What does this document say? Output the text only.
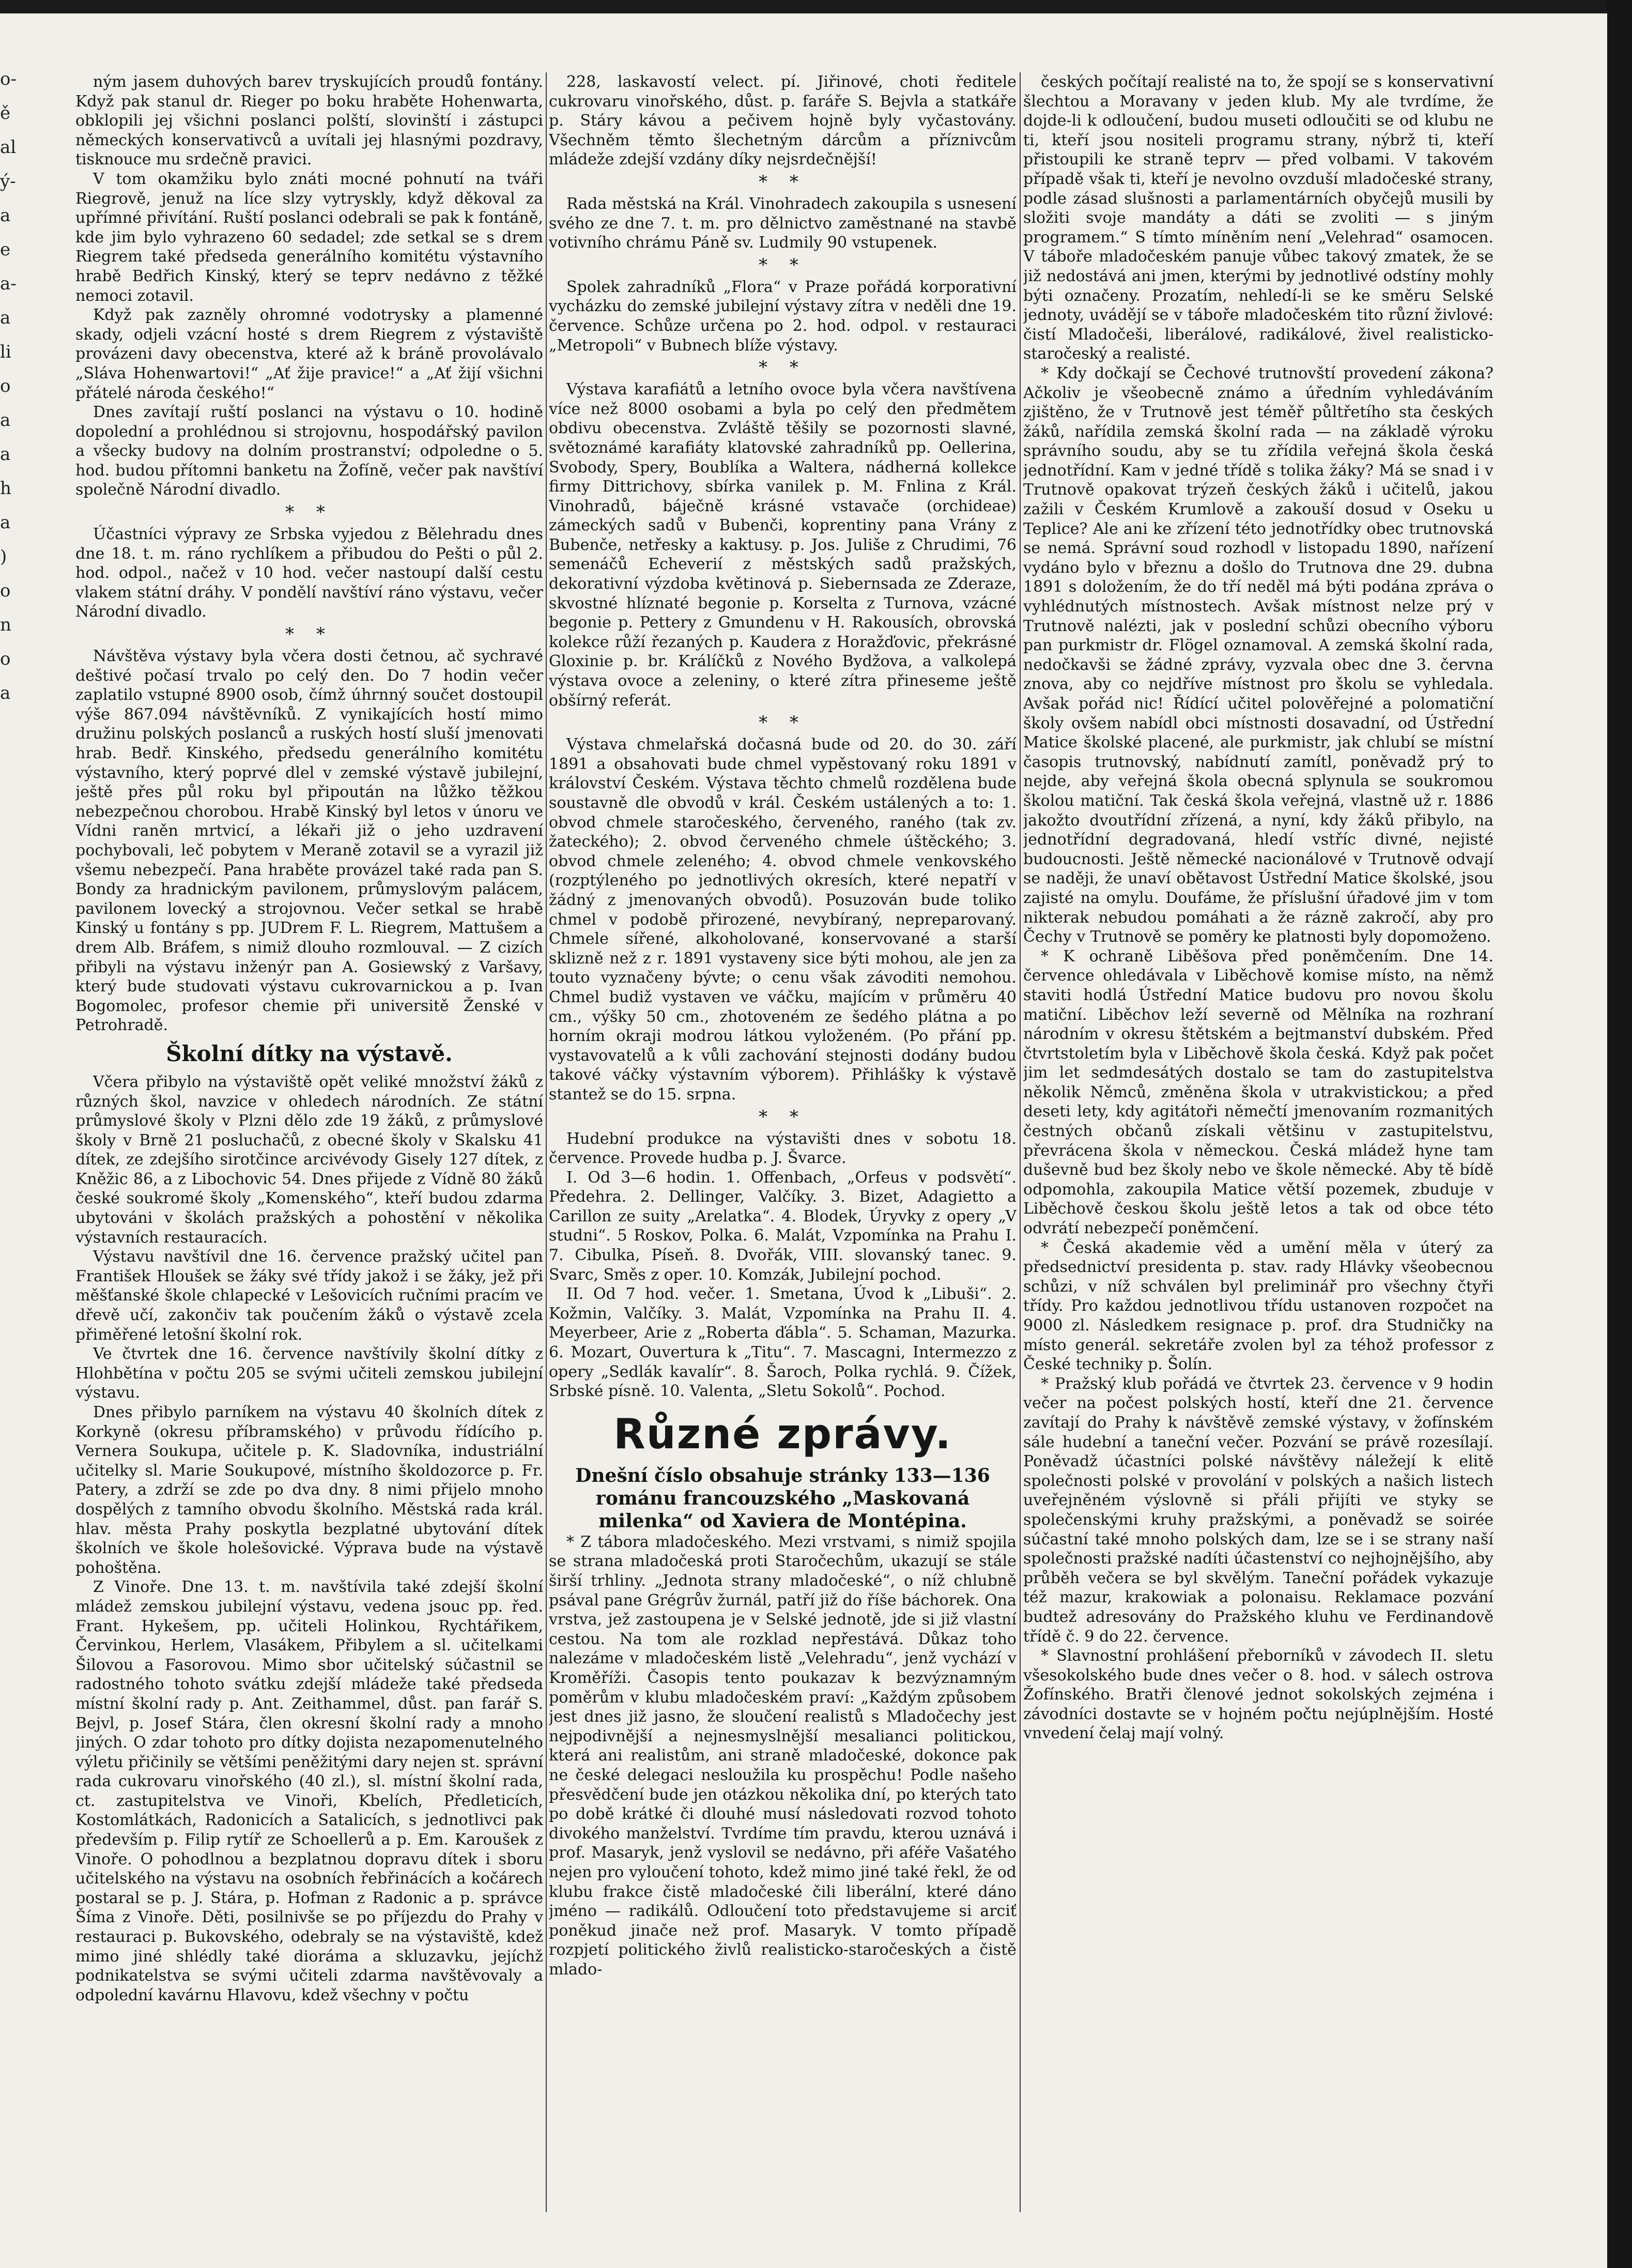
o-
ě
al
ý-
a
e
a-
a
li
o
a
a
h
a
)
o
n
o
a

ným jasem duhových barev tryskujících proudů fontány. Když pak stanul dr. Rieger po boku hraběte Hohenwarta, obklopili jej všichni poslanci polští, slovinští i zástupci německých konservativců a uvítali jej hlasnými pozdravy, tisknouce mu srdečně pravici.

V tom okamžiku bylo znáti mocné pohnutí na tváři Riegrově, jenuž na líce slzy vytryskly, když děkoval za upřímné přivítání. Ruští poslanci odebrali se pak k fontáně, kde jim bylo vyhrazeno 60 sedadel; zde setkal se s drem Riegrem také předseda generálního komitétu výstavního hrabě Bedřich Kinský, který se teprv nedávno z těžké nemoci zotavil.

Když pak zazněly ohromné vodotrysky a plamenné skady, odjeli vzácní hosté s drem Riegrem z výstaviště provázeni davy obecenstva, které až k bráně provolávalo „Sláva Hohenwartovi!“ „Ať žije pravice!“ a „Ať žijí všichni přátelé národa českého!“

Dnes zavítají ruští poslanci na výstavu o 10. hodině dopolední a prohlédnou si strojovnu, hospodářský pavilon a všecky budovy na dolním prostranství; odpoledne o 5. hod. budou přítomni banketu na Žofíně, večer pak navštíví společně Národní divadlo.

* *

Účastníci výpravy ze Srbska vyjedou z Bělehradu dnes dne 18. t. m. ráno rychlíkem a přibudou do Pešti o půl 2. hod. odpol., načež v 10 hod. večer nastoupí další cestu vlakem státní dráhy. V pondělí navštíví ráno výstavu, večer Národní divadlo.

* *

Návštěva výstavy byla včera dosti četnou, ač sychravé deštivé počasí trvalo po celý den. Do 7 hodin večer zaplatilo vstupné 8900 osob, čímž úhrnný součet dostoupil výše 867.094 návštěvníků. Z vynikajících hostí mimo družinu polských poslanců a ruských hostí sluší jmenovati hrab. Bedř. Kinského, předsedu generálního komitétu výstavního, který poprvé dlel v zemské výstavě jubilejní, ještě přes půl roku byl připoután na lůžko těžkou nebezpečnou chorobou. Hrabě Kinský byl letos v únoru ve Vídni raněn mrtvicí, a lékaři již o jeho uzdravení pochybovali, leč pobytem v Meraně zotavil se a vyrazil již všemu nebezpečí. Pana hraběte provázel také rada pan S. Bondy za hradnickým pavilonem, průmyslovým palácem, pavilonem lovecký a strojovnou. Večer setkal se hrabě Kinský u fontány s pp. JUDrem F. L. Riegrem, Mattušem a drem Alb. Bráfem, s nimiž dlouho rozmlouval. — Z cizích přibyli na výstavu inženýr pan A. Gosiewský z Varšavy, který bude studovati výstavu cukrovarnickou a p. Ivan Bogomolec, profesor chemie při universitě Ženské v Petrohradě.

Školní dítky na výstavě.

Včera přibylo na výstaviště opět veliké množství žáků z různých škol, navzice v ohledech národních. Ze státní průmyslové školy v Plzni dělo zde 19 žáků, z průmyslové školy v Brně 21 posluchačů, z obecné školy v Skalsku 41 dítek, ze zdejšího sirotčince arcivévody Gisely 127 dítek, z Kněžic 86, a z Libochovic 54. Dnes přijede z Vídně 80 žáků české soukromé školy „Komenského“, kteří budou zdarma ubytováni v školách pražských a pohostění v několika výstavních restauracích.

Výstavu navštívil dne 16. července pražský učitel pan František Hloušek se žáky své třídy jakož i se žáky, jež při měšťanské škole chlapecké v Lešovicích ručními pracím ve dřevě učí, zakončiv tak poučením žáků o výstavě zcela přiměřené letošní školní rok.

Ve čtvrtek dne 16. července navštívily školní dítky z Hlohbětína v počtu 205 se svými učiteli zemskou jubilejní výstavu.

Dnes přibylo parníkem na výstavu 40 školních dítek z Korkyně (okresu příbramského) v průvodu řídícího p. Vernera Soukupa, učitele p. K. Sladovníka, industriální učitelky sl. Marie Soukupové, místního školdozorce p. Fr. Patery, a zdrží se zde po dva dny. 8 nimi přijelo mnoho dospělých z tamního obvodu školního. Městská rada král. hlav. města Prahy poskytla bezplatné ubytování dítek školních ve škole holešovické. Výprava bude na výstavě pohoštěna.

Z Vinoře. Dne 13. t. m. navštívila také zdejší školní mládež zemskou jubilejní výstavu, vedena jsouc pp. řed. Frant. Hykešem, pp. učiteli Holinkou, Rychtářikem, Červinkou, Herlem, Vlasákem, Přibylem a sl. učitelkami Šilovou a Fasorovou. Mimo sbor učitelský súčastnil se radostného tohoto svátku zdejší mládeže také předseda místní školní rady p. Ant. Zeithammel, důst. pan farář S. Bejvl, p. Josef Stára, člen okresní školní rady a mnoho jiných. O zdar tohoto pro dítky dojista nezapomenutelného výletu přičinily se většími peněžitými dary nejen st. správní rada cukrovaru vinořského (40 zl.), sl. místní školní rada, ct. zastupitelstva ve Vinoři, Kbelích, Předleticích, Kostomlátkách, Radonicích a Satalicích, s jednotlivci pak především p. Filip rytíř ze Schoellerů a p. Em. Karoušek z Vinoře. O pohodlnou a bezplatnou dopravu dítek i sboru učitelského na výstavu na osobních řebřinácích a kočárech postaral se p. J. Stára, p. Hofman z Radonic a p. správce Šíma z Vinoře. Děti, posilnivše se po příjezdu do Prahy v restauraci p. Bukovského, odebraly se na výstaviště, kdež mimo jiné shlédly také dioráma a skluzavku, jejíchž podnikatelstva se svými učiteli zdarma navštěvovaly a odpolední kavárnu Hlavovu, kdež všechny v počtu

228, laskavostí velect. pí. Jiřinové, choti ředitele cukrovaru vinořského, důst. p. faráře S. Bejvla a statkáře p. Stáry kávou a pečivem hojně byly vyčastovány. Všechněm těmto šlechetným dárcům a příznivcům mládeže zdejší vzdány díky nejsrdečnější!

* *

Rada městská na Král. Vinohradech zakoupila s usnesení svého ze dne 7. t. m. pro dělnictvo zaměstnané na stavbě votivního chrámu Páně sv. Ludmily 90 vstupenek.

* *

Spolek zahradníků „Flora“ v Praze pořádá korporativní vycházku do zemské jubilejní výstavy zítra v neděli dne 19. července. Schůze určena po 2. hod. odpol. v restauraci „Metropoli“ v Bubnech blíže výstavy.

* *

Výstava karafiátů a letního ovoce byla včera navštívena více než 8000 osobami a byla po celý den předmětem obdivu obecenstva. Zvláště těšily se pozornosti slavné, světoznámé karafiáty klatovské zahradníků pp. Oellerina, Svobody, Spery, Boublíka a Waltera, nádherná kollekce firmy Dittrichovy, sbírka vanilek p. M. Fnlina z Král. Vinohradů, báječně krásné vstavače (orchideae) zámeckých sadů v Bubenči, koprentiny pana Vrány z Bubenče, netřesky a kaktusy. p. Jos. Juliše z Chrudimi, 76 semenáčů Echeverií z městských sadů pražských, dekorativní výzdoba květinová p. Siebernsada ze Zderaze, skvostné hlíznaté begonie p. Korselta z Turnova, vzácné begonie p. Pettery z Gmundenu v H. Rakousích, obrovská kolekce růží řezaných p. Kaudera z Horažďovic, překrásné Gloxinie p. br. Králíčků z Nového Bydžova, a valkolepá výstava ovoce a zeleniny, o které zítra přineseme ještě obšírný referát.

* *

Výstava chmelařská dočasná bude od 20. do 30. září 1891 a obsahovati bude chmel vypěstovaný roku 1891 v království Českém. Výstava těchto chmelů rozdělena bude soustavně dle obvodů v král. Českém ustálených a to: 1. obvod chmele staročeského, červeného, raného (tak zv. žateckého); 2. obvod červeného chmele úštěckého; 3. obvod chmele zeleného; 4. obvod chmele venkovského (rozptýleného po jednotlivých okresích, které nepatří v žádný z jmenovaných obvodů). Posuzován bude toliko chmel v podobě přirozené, nevybíraný, nepreparovaný. Chmele sířené, alkoholované, konservované a starší sklizně než z r. 1891 vystaveny sice býti mohou, ale jen za touto vyznačeny bývte; o cenu však závoditi nemohou. Chmel budiž vystaven ve váčku, majícím v průměru 40 cm., výšky 50 cm., zhotoveném ze šedého plátna a po horním okraji modrou látkou vyloženém. (Po přání pp. vystavovatelů a k vůli zachování stejnosti dodány budou takové váčky výstavním výborem). Přihlášky k výstavě stantež se do 15. srpna.

* *

Hudební produkce na výstavišti dnes v sobotu 18. července. Provede hudba p. J. Švarce.

I. Od 3—6 hodin. 1. Offenbach, „Orfeus v podsvětí“. Předehra. 2. Dellinger, Valčíky. 3. Bizet, Adagietto a Carillon ze suity „Arelatka“. 4. Blodek, Úryvky z opery „V studni“. 5 Roskov, Polka. 6. Malát, Vzpomínka na Prahu I. 7. Cibulka, Píseň. 8. Dvořák, VIII. slovanský tanec. 9. Svarc, Směs z oper. 10. Komzák, Jubilejní pochod.

II. Od 7 hod. večer. 1. Smetana, Úvod k „Libuši“. 2. Kožmin, Valčíky. 3. Malát, Vzpomínka na Prahu II. 4. Meyerbeer, Arie z „Roberta ďábla“. 5. Schaman, Mazurka. 6. Mozart, Ouvertura k „Titu“. 7. Mascagni, Intermezzo z opery „Sedlák kavalír“. 8. Šaroch, Polka rychlá. 9. Čížek, Srbské písně. 10. Valenta, „Sletu Sokolů“. Pochod.

Různé zprávy.

Dnešní číslo obsahuje stránky 133—136 románu francouzského „Maskovaná milenka“ od Xaviera de Montépina.

* Z tábora mladočeského. Mezi vrstvami, s nimiž spojila se strana mladočeská proti Staročechům, ukazují se stále širší trhliny. „Jednota strany mladočeské“, o níž chlubně psával pane Grégrův žurnál, patří již do říše báchorek. Ona vrstva, jež zastoupena je v Selské jednotě, jde si již vlastní cestou. Na tom ale rozklad nepřestává. Důkaz toho nalezáme v mladočeském listě „Velehradu“, jenž vychází v Kroměříži. Časopis tento poukazav k bezvýznamným poměrům v klubu mladočeském praví: „Každým způsobem jest dnes již jasno, že sloučení realistů s Mladočechy jest nejpodivnější a nejnesmyslnější mesalianci politickou, která ani realistům, ani straně mladočeské, dokonce pak ne české delegaci nesloužila ku prospěchu! Podle našeho přesvědčení bude jen otázkou několika dní, po kterých tato po době krátké či dlouhé musí následovati rozvod tohoto divokého manželství. Tvrdíme tím pravdu, kterou uznává i prof. Masaryk, jenž vyslovil se nedávno, při aféře Vašatého nejen pro vyloučení tohoto, kdež mimo jiné také řekl, že od klubu frakce čistě mladočeské čili liberální, které dáno jméno — radikálů. Odloučení toto představujeme si arciť poněkud jinače než prof. Masaryk. V tomto případě rozpjetí politického živlů realisticko-staročeských a čistě mlado-

českých počítají realisté na to, že spojí se s konservativní šlechtou a Moravany v jeden klub. My ale tvrdíme, že dojde-li k odloučení, budou museti odloučiti se od klubu ne ti, kteří jsou nositeli programu strany, nýbrž ti, kteří přistoupili ke straně teprv — před volbami. V takovém případě však ti, kteří je nevolno ovzduší mladočeské strany, podle zásad slušnosti a parlamentárních obyčejů musili by složiti svoje mandáty a dáti se zvoliti — s jiným programem.“ S tímto míněním není „Velehrad“ osamocen. V táboře mladočeském panuje vůbec takový zmatek, že se již nedostává ani jmen, kterými by jednotlivé odstíny mohly býti označeny. Prozatím, nehledí-li se ke směru Selské jednoty, uvádějí se v táboře mladočeském tito různí živlové: čistí Mladočeši, liberálové, radikálové, živel realisticko-staročeský a realisté.

* Kdy dočkají se Čechové trutnovští provedení zákona? Ačkoliv je všeobecně známo a úředním vyhledáváním zjištěno, že v Trutnově jest téměř půltřetího sta českých žáků, nařídila zemská školní rada — na základě výroku správního soudu, aby se tu zřídila veřejná škola česká jednotřídní. Kam v jedné třídě s tolika žáky? Má se snad i v Trutnově opakovat trýzeň českých žáků i učitelů, jakou zažili v Českém Krumlově a zakouší dosud v Oseku u Teplice? Ale ani ke zřízení této jednotřídky obec trutnovská se nemá. Správní soud rozhodl v listopadu 1890, nařízení vydáno bylo v březnu a došlo do Trutnova dne 29. dubna 1891 s doložením, že do tří neděl má býti podána zpráva o vyhlédnutých místnostech. Avšak místnost nelze prý v Trutnově nalézti, jak v poslední schůzi obecního výboru pan purkmistr dr. Flögel oznamoval. A zemská školní rada, nedočkavši se žádné zprávy, vyzvala obec dne 3. června znova, aby co nejdříve místnost pro školu se vyhledala. Avšak pořád nic! Řídící učitel polověřejné a polomatiční školy ovšem nabídl obci místnosti dosavadní, od Ústřední Matice školské placené, ale purkmistr, jak chlubí se místní časopis trutnovský, nabídnutí zamítl, poněvadž prý to nejde, aby veřejná škola obecná splynula se soukromou školou matiční. Tak česká škola veřejná, vlastně už r. 1886 jakožto dvoutřídní zřízená, a nyní, kdy žáků přibylo, na jednotřídní degradovaná, hledí vstříc divné, nejisté budoucnosti. Ještě německé nacionálové v Trutnově odvají se naději, že unaví obětavost Ústřední Matice školské, jsou zajisté na omylu. Doufáme, že příslušní úřadové jim v tom nikterak nebudou pomáhati a že rázně zakročí, aby pro Čechy v Trutnově se poměry ke platnosti byly dopomoženo.

* K ochraně Liběšova před poněmčením. Dne 14. července ohledávala v Liběchově komise místo, na němž staviti hodlá Ústřední Matice budovu pro novou školu matiční. Liběchov leží severně od Mělníka na rozhraní národním v okresu štětském a bejtmanství dubském. Před čtvrtstoletím byla v Liběchově škola česká. Když pak počet jim let sedmdesátých dostalo se tam do zastupitelstva několik Němců, změněna škola v utrakvistickou; a před deseti lety, kdy agitátoři němečtí jmenovaním rozmanitých čestných občanů získali většinu v zastupitelstvu, převrácena škola v německou. Česká mládež hyne tam duševně bud bez školy nebo ve škole německé. Aby tě bídě odpomohla, zakoupila Matice větší pozemek, zbuduje v Liběchově českou školu ještě letos a tak od obce této odvrátí nebezpečí poněmčení.

* Česká akademie věd a umění měla v úterý za předsednictví presidenta p. stav. rady Hlávky všeobecnou schůzi, v níž schválen byl preliminář pro všechny čtyři třídy. Pro každou jednotlivou třídu ustanoven rozpočet na 9000 zl. Následkem resignace p. prof. dra Studničky na místo generál. sekretáře zvolen byl za téhož professor z České techniky p. Šolín.

* Pražský klub pořádá ve čtvrtek 23. července v 9 hodin večer na počest polských hostí, kteří dne 21. července zavítají do Prahy k návštěvě zemské výstavy, v žofínském sále hudební a taneční večer. Pozvání se právě rozesílají. Poněvadž účastníci polské návštěvy náležejí k elitě společnosti polské v provolání v polských a našich listech uveřejněném výslovně si přáli přijíti ve styky se společenskými kruhy pražskými, a poněvadž se soirée súčastní také mnoho polských dam, lze se i se strany naší společnosti pražské nadíti účastenství co nejhojnějšího, aby průběh večera se byl skvělým. Taneční pořádek vykazuje též mazur, krakowiak a polonaisu. Reklamace pozvání budtež adresovány do Pražského kluhu ve Ferdinandově třídě č. 9 do 22. července.

* Slavnostní prohlášení přeborníků v závodech II. sletu všesokolského bude dnes večer o 8. hod. v sálech ostrova Žofínského. Bratři členové jednot sokolských zejména i závodníci dostavte se v hojném počtu nejúplnějším. Hosté vnvedení čelaj mají volný.
